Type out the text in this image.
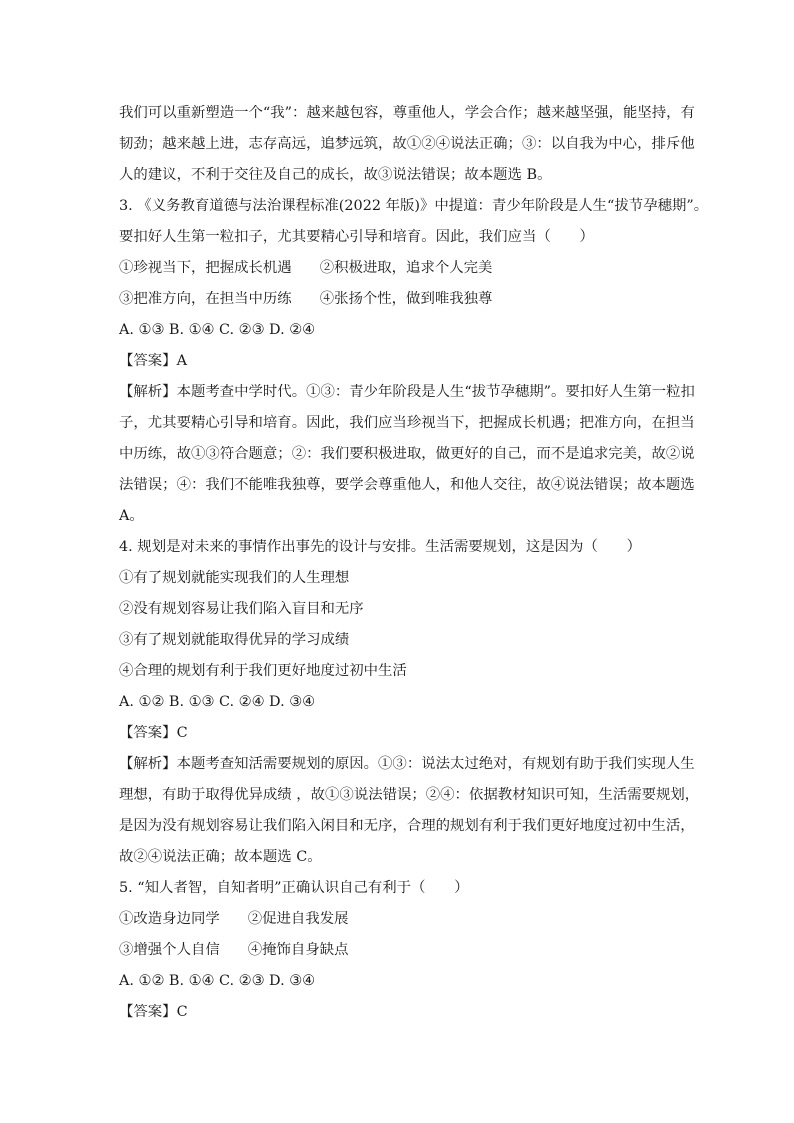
我们可以重新塑造一个“我”：越来越包容，尊重他人，学会合作；越来越坚强，能坚持，有
韧劲；越来越上进，志存高远，追梦远筑，故①②④说法正确；③：以自我为中心，排斥他
人的建议，不利于交往及自己的成长，故③说法错误；故本题选 B。
3. 《义务教育道德与法治课程标准(2022 年版)》中提道：青少年阶段是人生“拔节孕穗期”。
要扣好人生第一粒扣子，尤其要精心引导和培育。因此，我们应当（　　）
①珍视当下，把握成长机遇 ②积极进取，追求个人完美
③把准方向，在担当中历练 ④张扬个性，做到唯我独尊
A. ①③ B. ①④ C. ②③ D. ②④
【答案】A
【解析】本题考查中学时代。①③：青少年阶段是人生“拔节孕穗期”。要扣好人生第一粒扣
子，尤其要精心引导和培育。因此，我们应当珍视当下，把握成长机遇；把准方向，在担当
中历练，故①③符合题意；②：我们要积极进取，做更好的自己，而不是追求完美，故②说
法错误；④：我们不能唯我独尊，要学会尊重他人，和他人交往，故④说法错误；故本题选
A。
4. 规划是对未来的事情作出事先的设计与安排。生活需要规划，这是因为（　　）
①有了规划就能实现我们的人生理想
②没有规划容易让我们陷入盲目和无序
③有了规划就能取得优异的学习成绩
④合理的规划有利于我们更好地度过初中生活
A. ①② B. ①③ C. ②④ D. ③④
【答案】C
【解析】本题考查知活需要规划的原因。①③：说法太过绝对，有规划有助于我们实现人生
理想，有助于取得优异成绩 ，故①③说法错误；②④：依据教材知识可知，生活需要规划，
是因为没有规划容易让我们陷入闲目和无序，合理的规划有利于我们更好地度过初中生活，
故②④说法正确；故本题选 C。
5. “知人者智，自知者明”正确认识自己有利于（　　）
①改造身边同学 ②促进自我发展
③增强个人自信 ④掩饰自身缺点
A. ①② B. ①④ C. ②③ D. ③④
【答案】C
